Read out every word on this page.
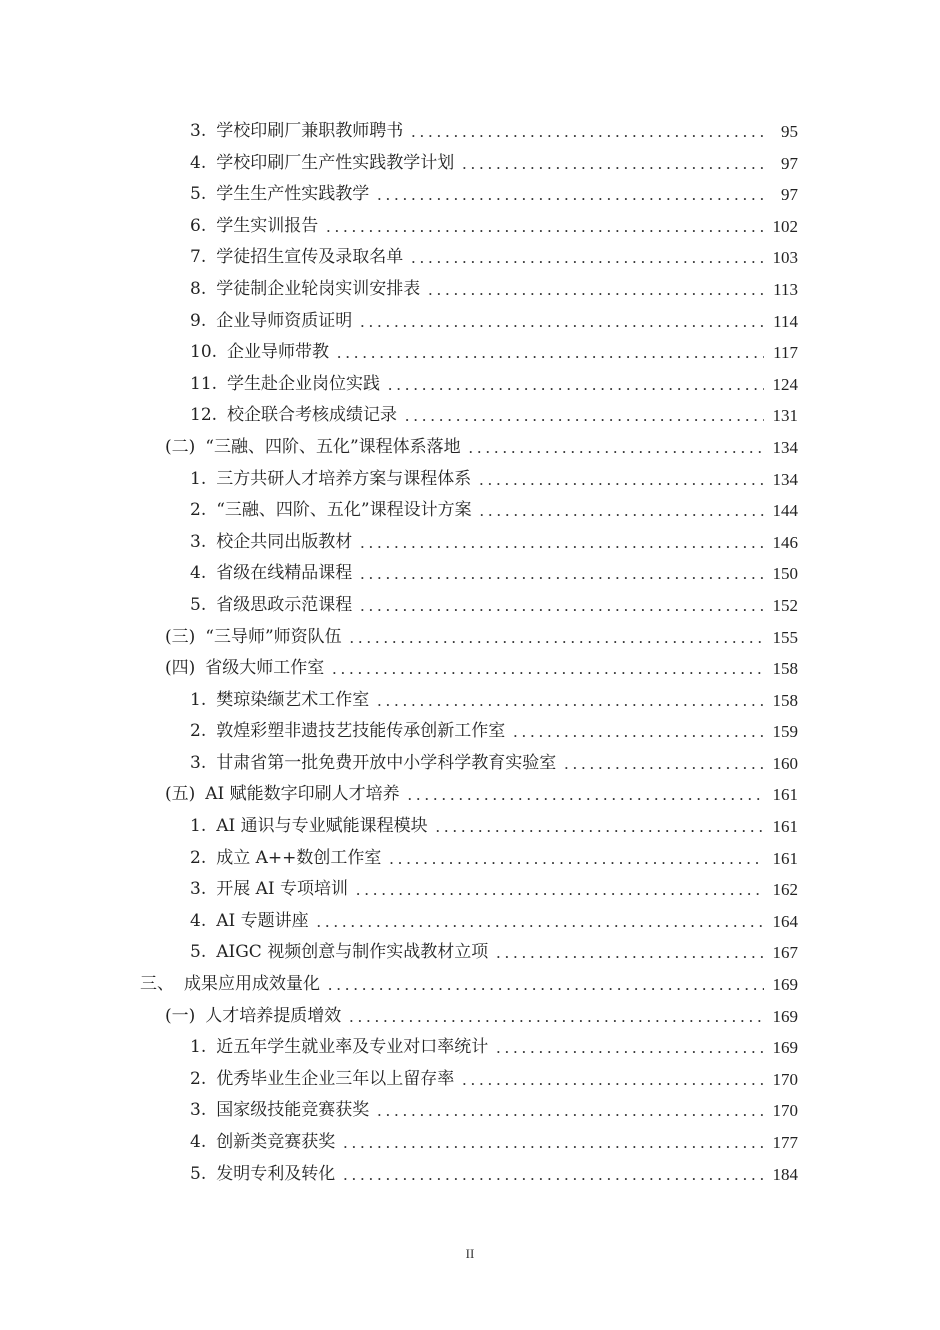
3. 学校印刷厂兼职教师聘书 . . .	95
4. 学校印刷厂生产性实践教学计划 . . .	97
5. 学生生产性实践教学 . . .	97
6. 学生实训报告 . . .	102
7. 学徒招生宣传及录取名单 . . .	103
8. 学徒制企业轮岗实训安排表 . . .	113
9. 企业导师资质证明 . . .	114
10. 企业导师带教 . . .	117
11. 学生赴企业岗位实践 . . .	124
12. 校企联合考核成绩记录 . . .	131
(二) “三融、四阶、五化”课程体系落地 . . .	134
1. 三方共研人才培养方案与课程体系 . . .	134
2. “三融、四阶、五化”课程设计方案 . . .	144
3. 校企共同出版教材 . . .	146
4. 省级在线精品课程 . . .	150
5. 省级思政示范课程 . . .	152
(三) “三导师”师资队伍 . . .	155
(四) 省级大师工作室 . . .	158
1. 樊琼染缬艺术工作室 . . .	158
2. 敦煌彩塑非遗技艺技能传承创新工作室 . . .	159
3. 甘肃省第一批免费开放中小学科学教育实验室 . . .	160
(五) AI 赋能数字印刷人才培养 . . .	161
1. AI 通识与专业赋能课程模块 . . .	161
2. 成立 A++数创工作室 . . .	161
3. 开展 AI 专项培训 . . .	162
4. AI 专题讲座 . . .	164
5. AIGC 视频创意与制作实战教材立项 . . .	167
三、 成果应用成效量化 . . .	169
(一) 人才培养提质增效 . . .	169
1. 近五年学生就业率及专业对口率统计 . . .	169
2. 优秀毕业生企业三年以上留存率 . . .	170
3. 国家级技能竞赛获奖 . . .	170
4. 创新类竞赛获奖 . . .	177
5. 发明专利及转化 . . .	184
II
